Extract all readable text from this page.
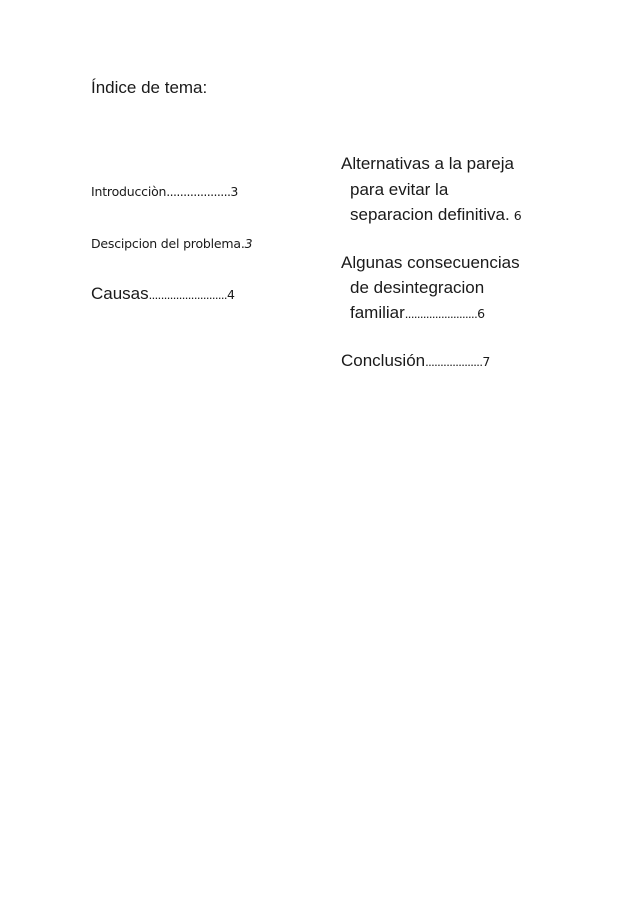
Índice de tema:
Introducciòn...................3
Descipcion del problema.3
Causas..........................4
Alternativas a la pareja
para evitar la
separacion definitiva. 6
Algunas consecuencias
de desintegracion
familiar........................6
Conclusión...................7
